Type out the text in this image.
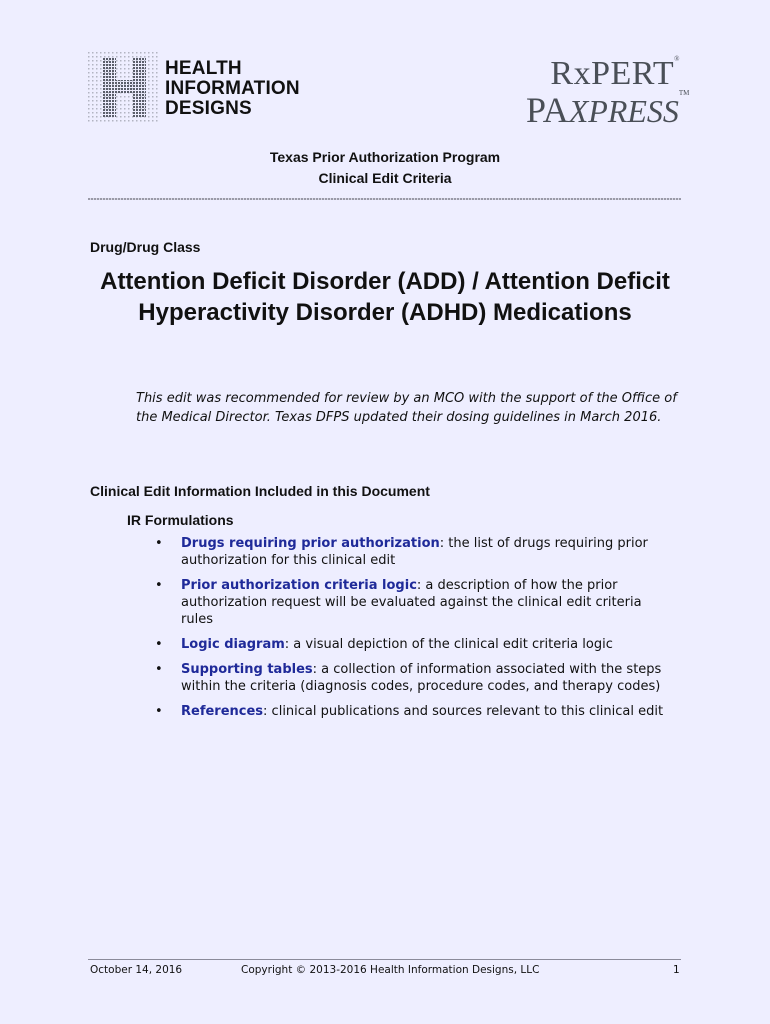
HEALTH
INFORMATION
DESIGNS
RxPERT®
PAXPRESS™
Texas Prior Authorization Program
Clinical Edit Criteria
Drug/Drug Class
Attention Deficit Disorder (ADD) / Attention Deficit Hyperactivity Disorder (ADHD) Medications
This edit was recommended for review by an MCO with the support of the Office of the Medical Director. Texas DFPS updated their dosing guidelines in March 2016.
Clinical Edit Information Included in this Document
IR Formulations
• Drugs requiring prior authorization: the list of drugs requiring prior authorization for this clinical edit
• Prior authorization criteria logic: a description of how the prior authorization request will be evaluated against the clinical edit criteria rules
• Logic diagram: a visual depiction of the clinical edit criteria logic
• Supporting tables: a collection of information associated with the steps within the criteria (diagnosis codes, procedure codes, and therapy codes)
• References: clinical publications and sources relevant to this clinical edit
October 14, 2016	Copyright © 2013-2016 Health Information Designs, LLC	1
